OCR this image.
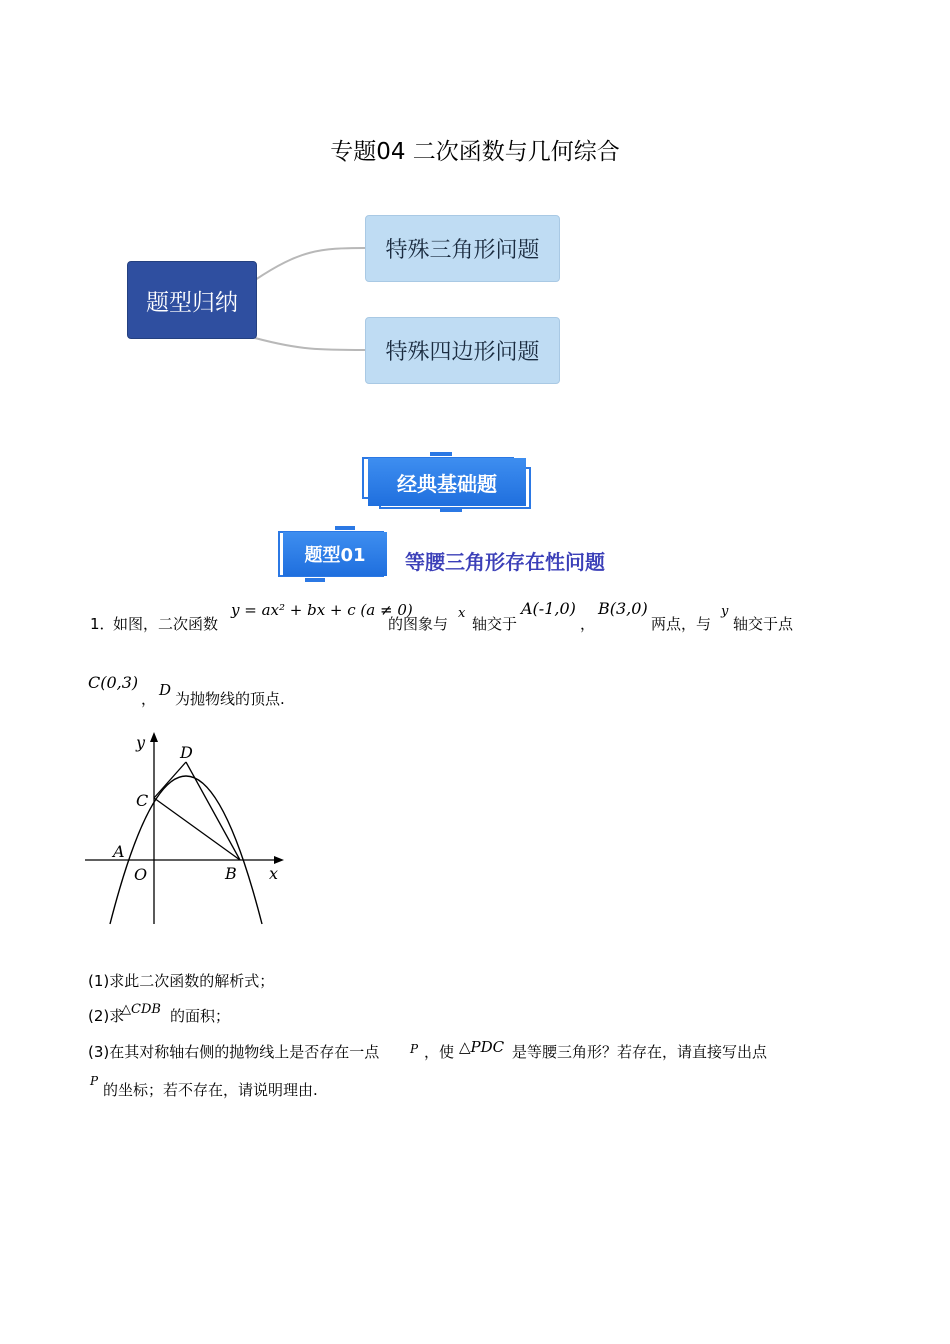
专题04 二次函数与几何综合
题型归纳
特殊三角形问题
特殊四边形问题
经典基础题
题型01	等腰三角形存在性问题
1．
如图，二次函数
y = ax² + bx + c (a ≠ 0)
的图象与
x
轴交于
A(-1,0)
，
B(3,0)
两点，与
y
轴交于点
C(0,3)
， D 为抛物线的顶点.
y
D
C
A
O	B x
(1)求此二次函数的解析式；
(2)求
△CDB 的面积；
(3)在其对称轴右侧的抛物线上是否存在一点	P ，使 △PDC 是等腰三角形？若存在，请直接写出点
P 的坐标；若不存在，请说明理由.
